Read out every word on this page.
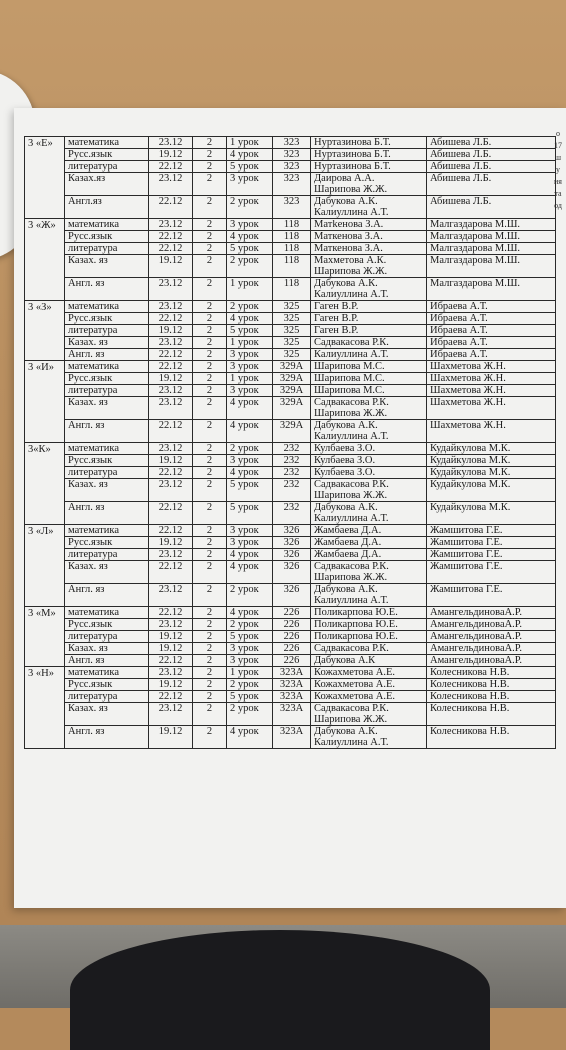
о
17
ш
у
ия
та
од
3 «Е»	математика	23.12	2	1 урок	323	Нуртазинова Б.Т.	Абишева Л.Б.
	Русс.язык	19.12	2	4 урок	323	Нуртазинова Б.Т.	Абишева Л.Б.
	литература	22.12	2	5 урок	323	Нуртазинова Б.Т.	Абишева Л.Б.
	Казах.яз	23.12	2	3 урок	323	Даирова А.А. Шарипова Ж.Ж.	Абишева Л.Б.
	Англ.яз	22.12	2	2 урок	323	Дабукова А.К. Калиуллина А.Т.	Абишева Л.Б.
3 «Ж»	математика	23.12	2	3 урок	118	Матkенова З.А.	Малгаздарова М.Ш.
	Русс.язык	22.12	2	4 урок	118	Маткенова З.А.	Малгаздарова М.Ш.
	литература	22.12	2	5 урок	118	Маткенова З.А.	Малгаздарова М.Ш.
	Казах. яз	19.12	2	2 урок	118	Махметова А.К. Шарипова Ж.Ж.	Малгаздарова М.Ш.
	Англ. яз	23.12	2	1 урок	118	Дабукова А.К. Калиуллина А.Т.	Малгаздарова М.Ш.
3 «З»	математика	23.12	2	2 урок	325	Гаген В.Р.	Ибраева А.Т.
	Русс.язык	22.12	2	4 урок	325	Гаген В.Р.	Ибраева А.Т.
	литература	19.12	2	5 урок	325	Гаген В.Р.	Ибраева А.Т.
	Казах. яз	23.12	2	1 урок	325	Садвакасова Р.К.	Ибраева А.Т.
	Англ. яз	22.12	2	3 урок	325	Калиуллина А.Т.	Ибраева А.Т.
3 «И»	математика	22.12	2	3 урок	329А	Шарипова М.С.	Шахметова Ж.Н.
	Русс.язык	19.12	2	1 урок	329А	Шарипова М.С.	Шахметова Ж.Н.
	литература	23.12	2	3 урок	329А	Шарипова М.С.	Шахметова Ж.Н.
	Казах. яз	23.12	2	4 урок	329А	Садвакасова Р.К. Шарипова Ж.Ж.	Шахметова Ж.Н.
	Англ. яз	22.12	2	4 урок	329А	Дабукова А.К. Калиуллина А.Т.	Шахметова Ж.Н.
3«К»	математика	23.12	2	2 урок	232	Кулбаева З.О.	Кудайкулова М.К.
	Русс.язык	19.12	2	3 урок	232	Кулбаева З.О.	Кудайкулова М.К.
	литература	22.12	2	4 урок	232	Кулбаева З.О.	Кудайкулова М.К.
	Казах. яз	23.12	2	5 урок	232	Садвакасова Р.К. Шарипова Ж.Ж.	Кудайкулова М.К.
	Англ. яз	22.12	2	5 урок	232	Дабукова А.К. Калиуллина А.Т.	Кудайкулова М.К.
3 «Л»	математика	22.12	2	3 урок	326	Жамбаева Д.А.	Жамшитова Г.Е.
	Русс.язык	19.12	2	3 урок	326	Жамбаева Д.А.	Жамшитова Г.Е.
	литература	23.12	2	4 урок	326	Жамбаева Д.А.	Жамшитова Г.Е.
	Казах. яз	22.12	2	4 урок	326	Садвакасова Р.К. Шарипова Ж.Ж.	Жамшитова Г.Е.
	Англ. яз	23.12	2	2 урок	326	Дабукова А.К. Калиуллина А.Т.	Жамшитова Г.Е.
3 «М»	математика	22.12	2	4 урок	226	Поликарпова Ю.Е.	АмангельдиноваА.Р.
	Русс.язык	23.12	2	2 урок	226	Поликарпова Ю.Е.	АмангельдиноваА.Р.
	литература	19.12	2	5 урок	226	Поликарпова Ю.Е.	АмангельдиноваА.Р.
	Казах. яз	19.12	2	3 урок	226	Садвакасова Р.К.	АмангельдиноваА.Р.
	Англ. яз	22.12	2	3 урок	226	Дабукова А.К	АмангельдиноваА.Р.
3 «Н»	математика	23.12	2	1 урок	323А	Кожахметова А.Е.	Колесникова Н.В.
	Русс.язык	19.12	2	2 урок	323А	Кожахметова А.Е.	Колесникова Н.В.
	литература	22.12	2	5 урок	323А	Кожахметова А.Е.	Колесникова Н.В.
	Казах. яз	23.12	2	2 урок	323А	Садвакасова Р.К. Шарипова Ж.Ж.	Колесникова Н.В.
	Англ. яз	19.12	2	4 урок	323А	Дабукова А.К. Калиуллина А.Т.	Колесникова Н.В.
